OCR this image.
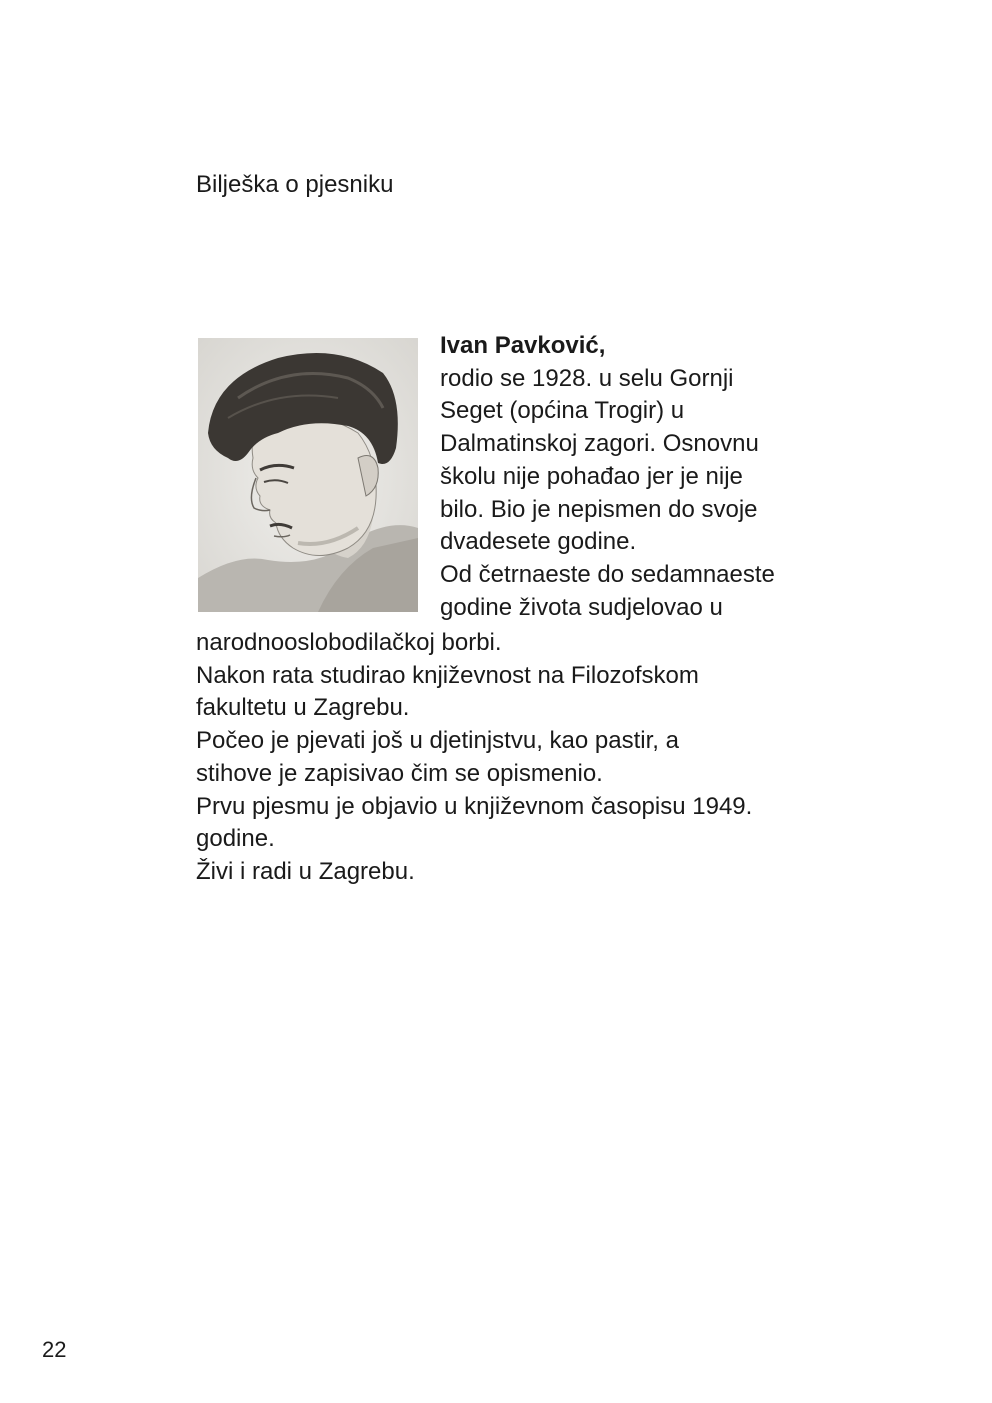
Bilješka o pjesniku
Ivan Pavković,
rodio se 1928. u selu Gornji
Seget (općina Trogir) u
Dalmatinskoj zagori. Osnovnu
školu nije pohađao jer je nije
bilo. Bio je nepismen do svoje
dvadesete godine.
Od četrnaeste do sedamnaeste
godine života sudjelovao u
narodnooslobodilačkoj borbi.
Nakon rata studirao književnost na Filozofskom
fakultetu u Zagrebu.
Počeo je pjevati još u djetinjstvu, kao pastir, a
stihove je zapisivao čim se opismenio.
Prvu pjesmu je objavio u književnom časopisu 1949.
godine.
Živi i radi u Zagrebu.
22
